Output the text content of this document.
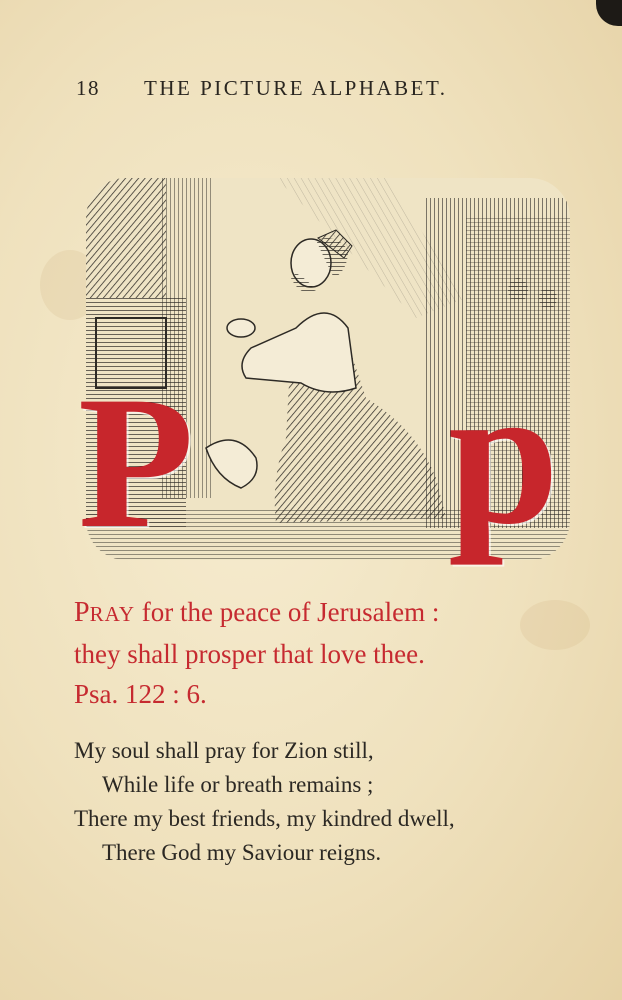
18	THE PICTURE ALPHABET.
P p
PRAY for the peace of Jerusalem :
they shall prosper that love thee.
Psa. 122 : 6.
My soul shall pray for Zion still,
While life or breath remains ;
There my best friends, my kindred dwell,
There God my Saviour reigns.
